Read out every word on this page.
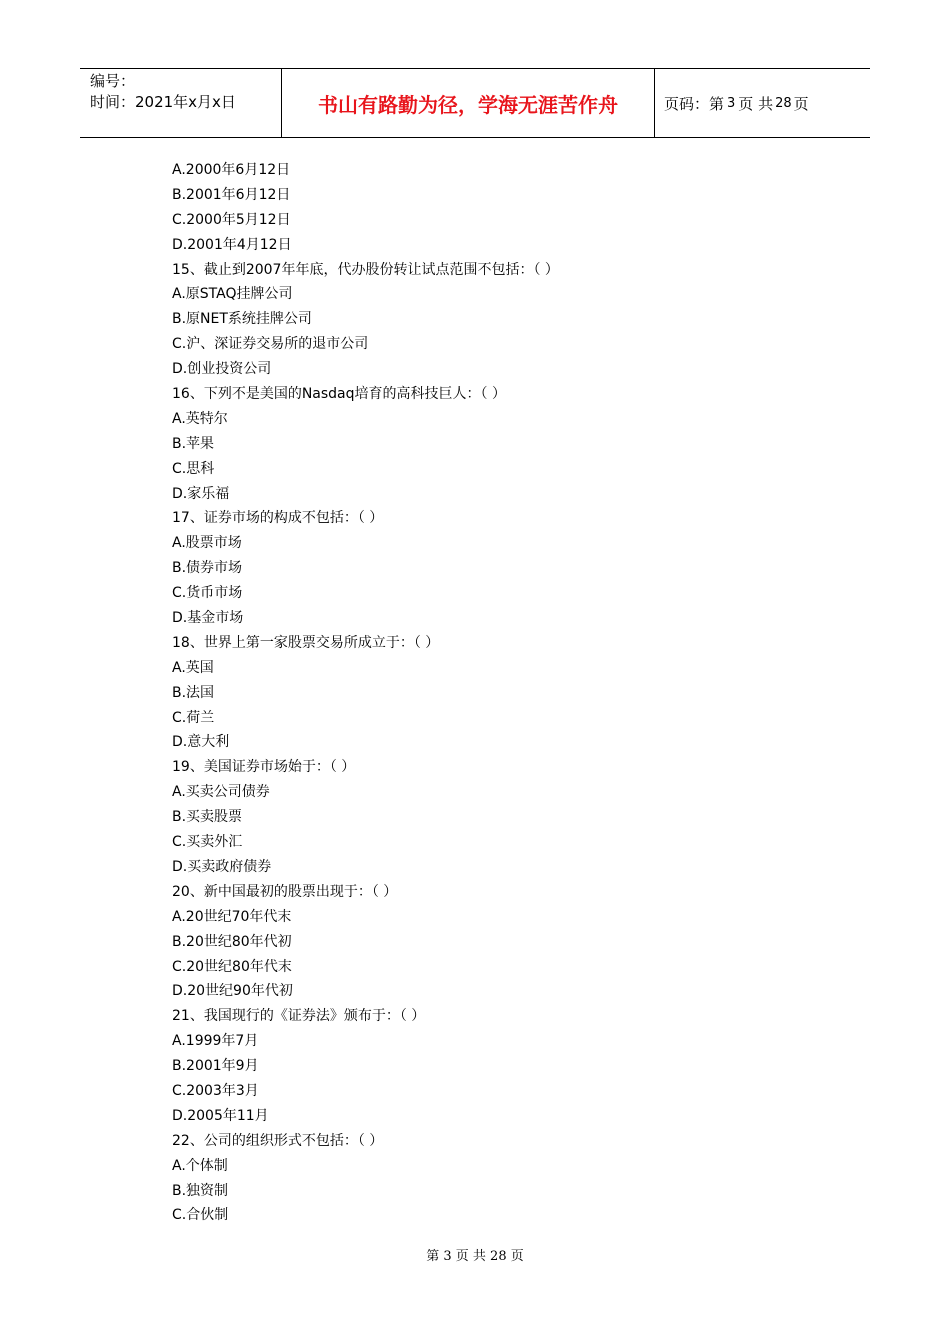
编号：
时间：2021年x月x日	书山有路勤为径，学海无涯苦作舟	页码：第 3 页 共 28 页
A.2000年6月12日
B.2001年6月12日
C.2000年5月12日
D.2001年4月12日
15、截止到2007年年底，代办股份转让试点范围不包括：（ ）
A.原STAQ挂牌公司
B.原NET系统挂牌公司
C.沪、深证券交易所的退市公司
D.创业投资公司
16、下列不是美国的Nasdaq培育的高科技巨人：（ ）
A.英特尔
B.苹果
C.思科
D.家乐福
17、证券市场的构成不包括：（ ）
A.股票市场
B.债券市场
C.货币市场
D.基金市场
18、世界上第一家股票交易所成立于：（ ）
A.英国
B.法国
C.荷兰
D.意大利
19、美国证券市场始于：（ ）
A.买卖公司债券
B.买卖股票
C.买卖外汇
D.买卖政府债券
20、新中国最初的股票出现于：（ ）
A.20世纪70年代末
B.20世纪80年代初
C.20世纪80年代末
D.20世纪90年代初
21、我国现行的《证券法》颁布于：（ ）
A.1999年7月
B.2001年9月
C.2003年3月
D.2005年11月
22、公司的组织形式不包括：（ ）
A.个体制
B.独资制
C.合伙制
第 3 页 共 28 页
